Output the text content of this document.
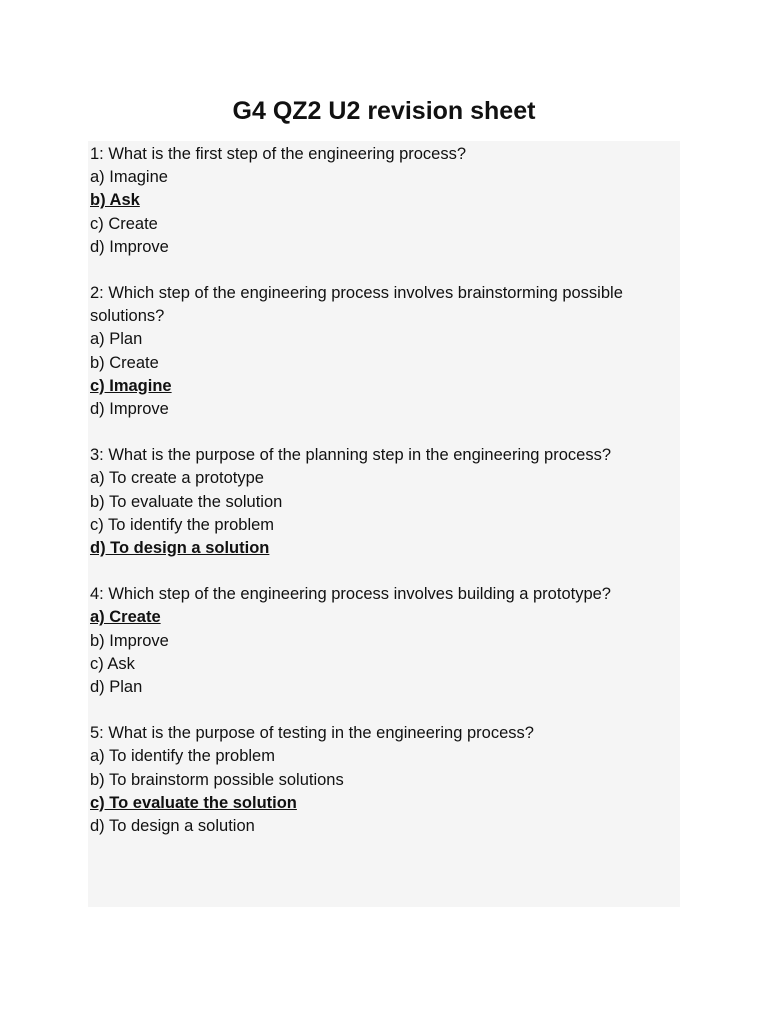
G4 QZ2 U2 revision sheet

1: What is the first step of the engineering process?

a) Imagine
b) Ask
c) Create
d) Improve

2: Which step of the engineering process involves brainstorming possible solutions?

a) Plan
b) Create
c) Imagine
d) Improve

3: What is the purpose of the planning step in the engineering process?

a) To create a prototype
b) To evaluate the solution
c) To identify the problem
d) To design a solution

4: Which step of the engineering process involves building a prototype?

a) Create
b) Improve
c) Ask
d) Plan

5: What is the purpose of testing in the engineering process?

a) To identify the problem
b) To brainstorm possible solutions
c) To evaluate the solution
d) To design a solution
